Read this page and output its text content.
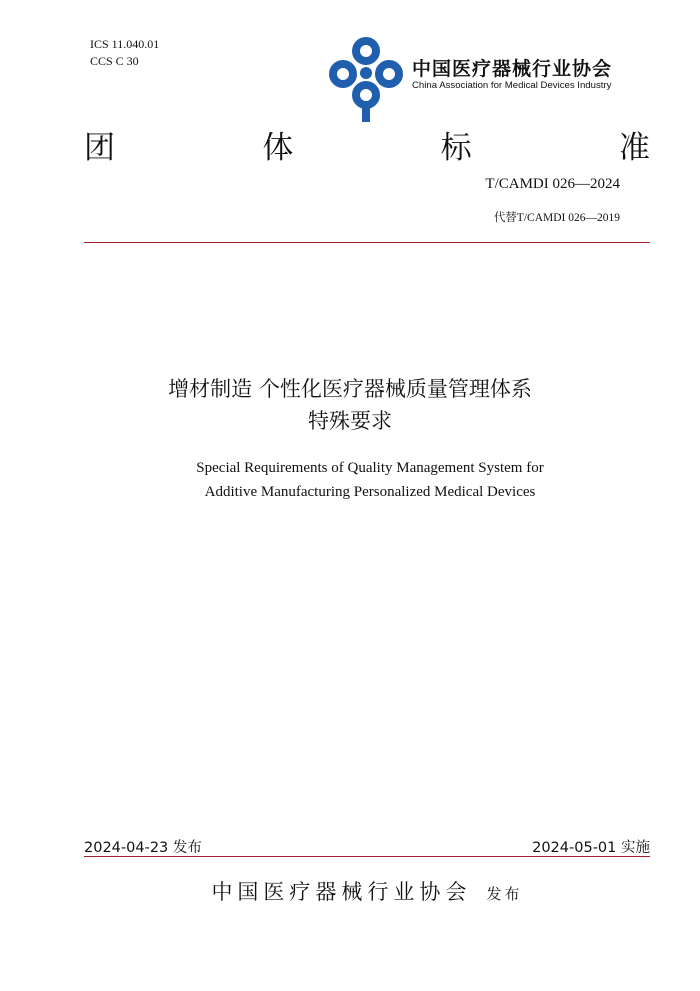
ICS 11.040.01
CCS C 30	中国医疗器械行业协会
China Association for Medical Devices Industry
团	体	标	准
T/CAMDI 026—2024
代替T/CAMDI 026—2019
增材制造 个性化医疗器械质量管理体系
特殊要求
Special Requirements of Quality Management System for
Additive Manufacturing Personalized Medical Devices
2024-04-23 发布	2024-05-01 实施
中国医疗器械行业协会 发布
